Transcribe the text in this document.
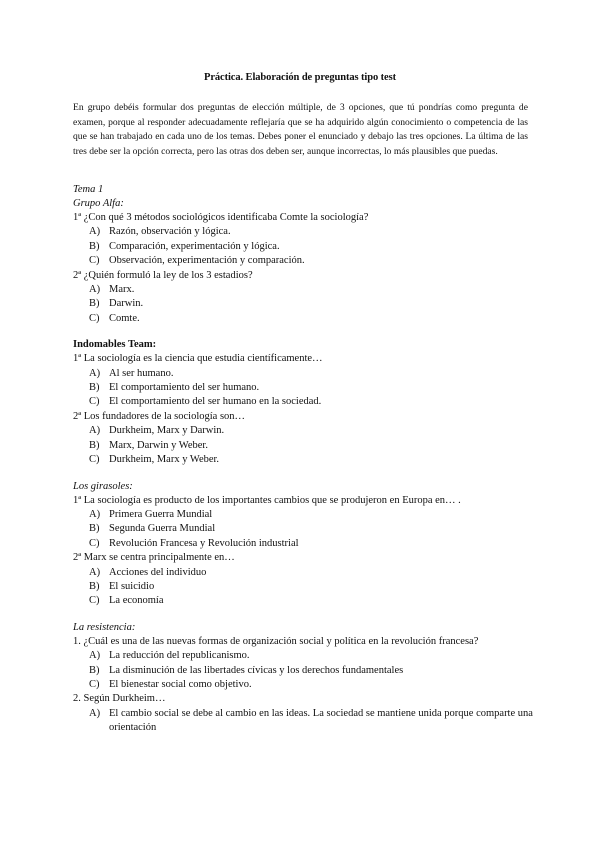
Práctica. Elaboración de preguntas tipo test

En grupo debéis formular dos preguntas de elección múltiple, de 3 opciones, que tú pondrías como pregunta de examen, porque al responder adecuadamente reflejaría que se ha adquirido algún conocimiento o competencia de las que se han trabajado en cada uno de los temas. Debes poner el enunciado y debajo las tres opciones. La última de las tres debe ser la opción correcta, pero las otras dos deben ser, aunque incorrectas, lo más plausibles que puedas.

Tema 1

Grupo Alfa:

1ª ¿Con qué 3 métodos sociológicos identificaba Comte la sociología?

A) Razón, observación y lógica.
B) Comparación, experimentación y lógica.
C) Observación, experimentación y comparación.

2ª ¿Quién formuló la ley de los 3 estadios?

A) Marx.
B) Darwin.
C) Comte.

Indomables Team:

1ª La sociología es la ciencia que estudia científicamente…

A) Al ser humano.
B) El comportamiento del ser humano.
C) El comportamiento del ser humano en la sociedad.

2ª Los fundadores de la sociología son…

A) Durkheim, Marx y Darwin.
B) Marx, Darwin y Weber.
C) Durkheim, Marx y Weber.

Los girasoles:

1ª La sociología es producto de los importantes cambios que se produjeron en Europa en… .

A) Primera Guerra Mundial
B) Segunda Guerra Mundial
C) Revolución Francesa y Revolución industrial

2ª Marx se centra principalmente en…

A) Acciones del individuo
B) El suicidio
C) La economía

La resistencia:

1. ¿Cuál es una de las nuevas formas de organización social y política en la revolución francesa?

A) La reducción del republicanismo.
B) La disminución de las libertades cívicas y los derechos fundamentales
C) El bienestar social como objetivo.

2. Según Durkheim…

A) El cambio social se debe al cambio en las ideas. La sociedad se mantiene unida porque comparte una orientación
